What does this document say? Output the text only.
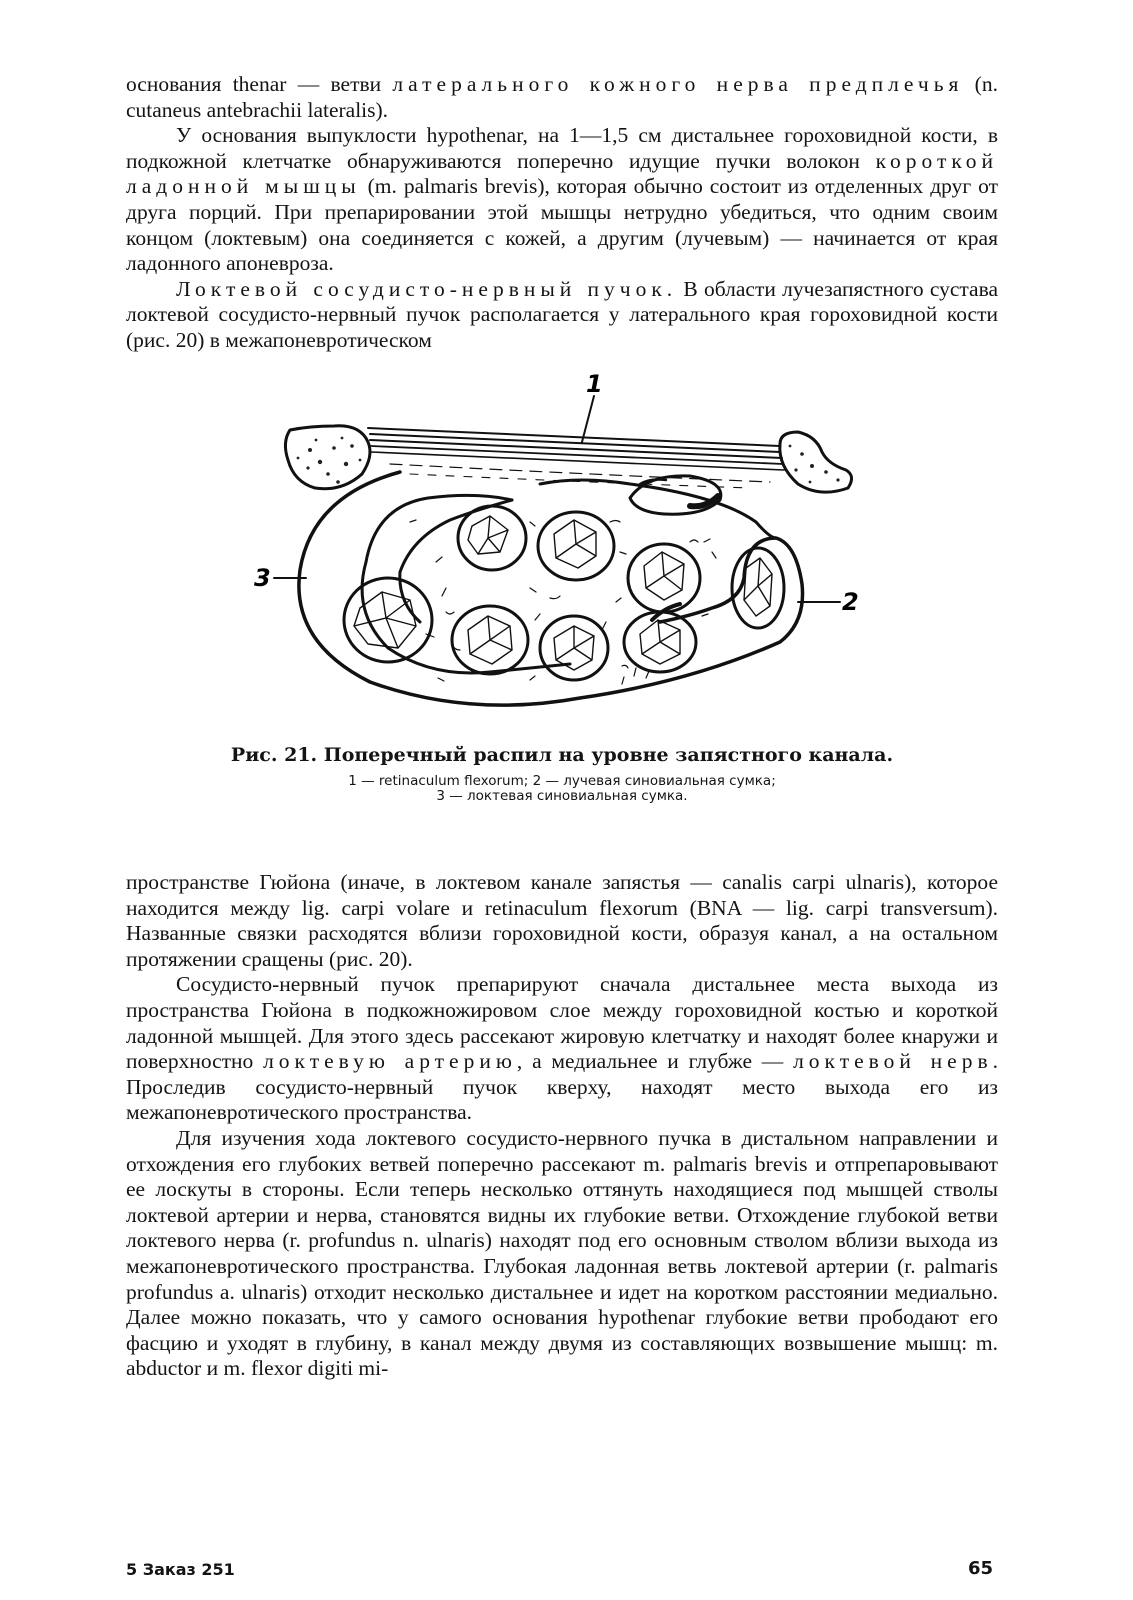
основания thenar — ветви латерального кожного нерва предплечья (n. cutaneus antebrachii lateralis).

У основания выпуклости hypothenar, на 1—1,5 см дистальнее гороховидной кости, в подкожной клетчатке обнаруживаются поперечно идущие пучки волокон короткой ладонной мышцы (m. palmaris brevis), которая обычно состоит из отделенных друг от друга порций. При препарировании этой мышцы нетрудно убедиться, что одним своим концом (локтевым) она соединяется с кожей, а другим (лучевым) — начинается от края ладонного апоневроза.

Локтевой сосудисто-нервный пучок. В области лучезапястного сустава локтевой сосудисто-нервный пучок располагается у латерального края гороховидной кости (рис. 20) в межапоневротическом

1
3
2
Рис. 21. Поперечный распил на уровне запястного канала.
1 — retinaculum flexorum; 2 — лучевая синовиальная сумка;
3 — локтевая синовиальная сумка.

пространстве Гюйона (иначе, в локтевом канале запястья — canalis carpi ulnaris), которое находится между lig. carpi volare и retinaculum flexorum (BNA — lig. carpi transversum). Названные связки расходятся вблизи гороховидной кости, образуя канал, а на остальном протяжении сращены (рис. 20).

Сосудисто-нервный пучок препарируют сначала дистальнее места выхода из пространства Гюйона в подкожножировом слое между гороховидной костью и короткой ладонной мышцей. Для этого здесь рассекают жировую клетчатку и находят более кнаружи и поверхностно локтевую артерию, а медиальнее и глубже — локтевой нерв. Проследив сосудисто-нервный пучок кверху, находят место выхода его из межапоневротического пространства.

Для изучения хода локтевого сосудисто-нервного пучка в дистальном направлении и отхождения его глубоких ветвей поперечно рассекают m. palmaris brevis и отпрепаровывают ее лоскуты в стороны. Если теперь несколько оттянуть находящиеся под мышцей стволы локтевой артерии и нерва, становятся видны их глубокие ветви. Отхождение глубокой ветви локтевого нерва (r. profundus n. ulnaris) находят под его основным стволом вблизи выхода из межапоневротического пространства. Глубокая ладонная ветвь локтевой артерии (r. palmaris profundus a. ulnaris) отходит несколько дистальнее и идет на коротком расстоянии медиально. Далее можно показать, что у самого основания hypothenar глубокие ветви прободают его фасцию и уходят в глубину, в канал между двумя из составляющих возвышение мышц: m. abductor и m. flexor digiti mi-

5 Заказ 251	65
